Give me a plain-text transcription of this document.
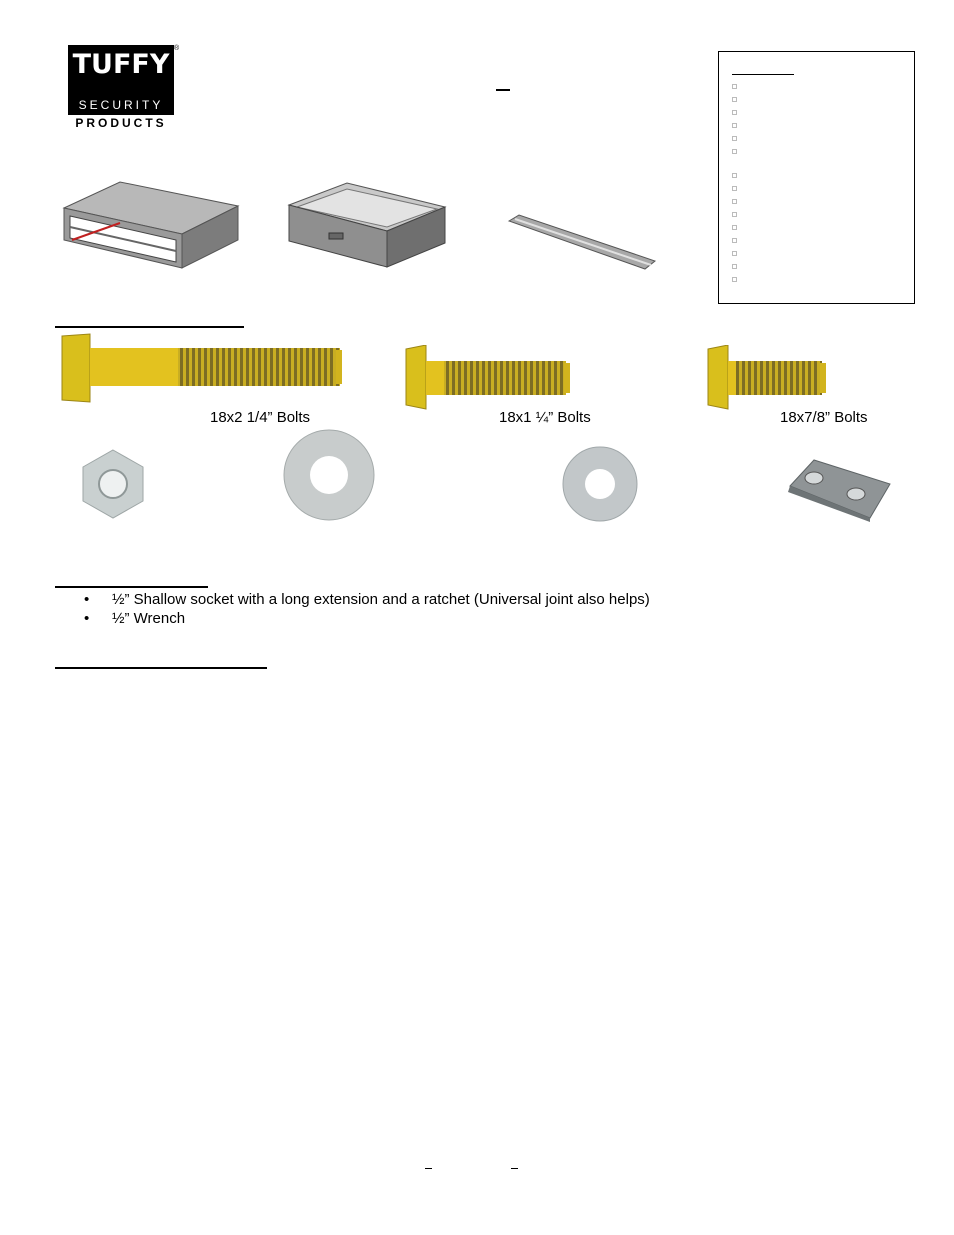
TUFFY
SECURITY
PRODUCTS
®
18x2 1/4” Bolts	18x1 ¼” Bolts	18x7/8” Bolts
• ½” Shallow socket with a long extension and a ratchet (Universal joint also helps)
• ½” Wrench
